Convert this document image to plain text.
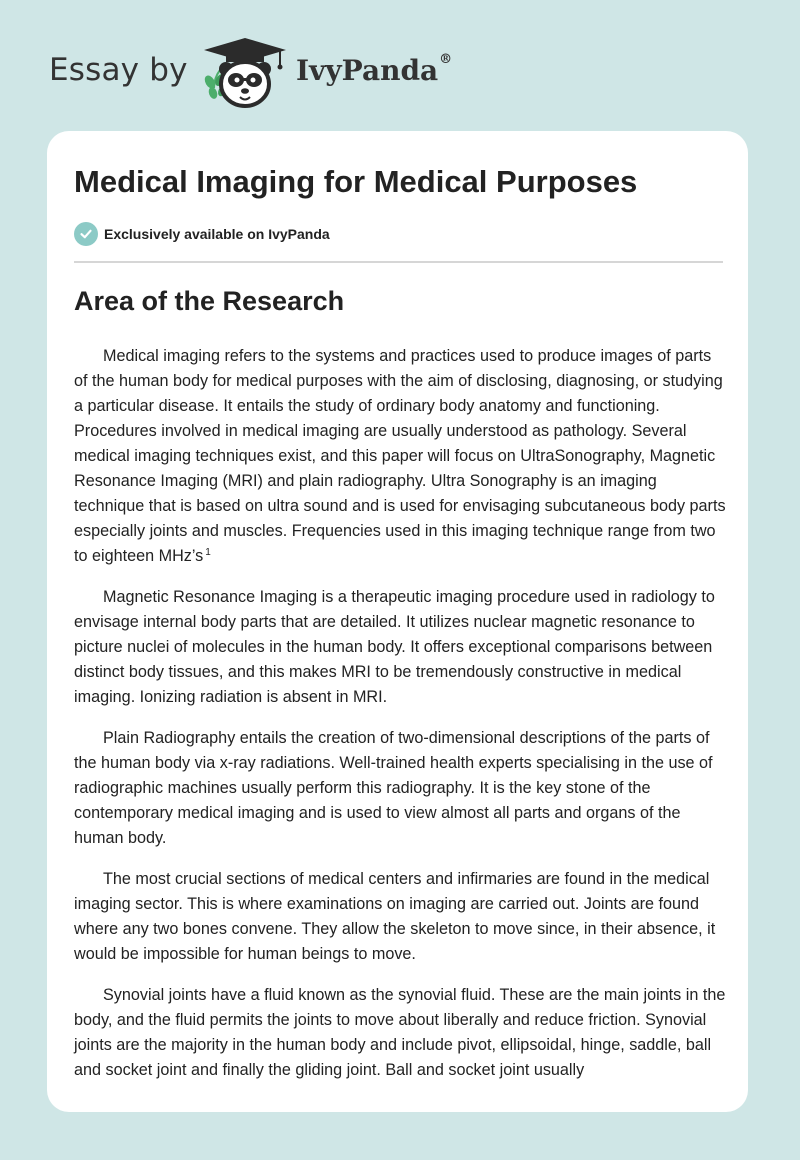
Essay by	IvyPanda®
Medical Imaging for Medical Purposes
Exclusively available on IvyPanda
Area of the Research

Medical imaging refers to the systems and practices used to produce images of parts of the human body for medical purposes with the aim of disclosing, diagnosing, or studying a particular disease. It entails the study of ordinary body anatomy and functioning. Procedures involved in medical imaging are usually understood as pathology. Several medical imaging techniques exist, and this paper will focus on UltraSonography, Magnetic Resonance Imaging (MRI) and plain radiography. Ultra Sonography is an imaging technique that is based on ultra sound and is used for envisaging subcutaneous body parts especially joints and muscles. Frequencies used in this imaging technique range from two to eighteen MHz’s $^1$

Magnetic Resonance Imaging is a therapeutic imaging procedure used in radiology to envisage internal body parts that are detailed. It utilizes nuclear magnetic resonance to picture nuclei of molecules in the human body. It offers exceptional comparisons between distinct body tissues, and this makes MRI to be tremendously constructive in medical imaging. Ionizing radiation is absent in MRI.

Plain Radiography entails the creation of two-dimensional descriptions of the parts of the human body via x-ray radiations. Well-trained health experts specialising in the use of radiographic machines usually perform this radiography. It is the key stone of the contemporary medical imaging and is used to view almost all parts and organs of the human body.

The most crucial sections of medical centers and infirmaries are found in the medical imaging sector. This is where examinations on imaging are carried out. Joints are found where any two bones convene. They allow the skeleton to move since, in their absence, it would be impossible for human beings to move.

Synovial joints have a fluid known as the synovial fluid. These are the main joints in the body, and the fluid permits the joints to move about liberally and reduce friction. Synovial joints are the majority in the human body and include pivot, ellipsoidal, hinge, saddle, ball and socket joint and finally the gliding joint. Ball and socket joint usually
